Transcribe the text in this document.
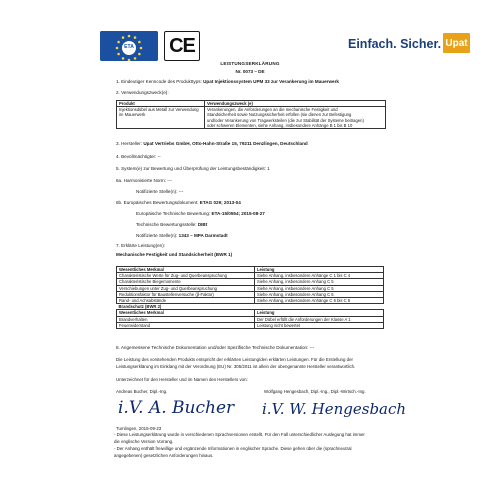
ETA CE	Einfach. Sicher. Upat
LEISTUNGSERKLÄRUNG
Nr. 0073 – DE
1. Eindeutiger Kenncode des Produkttyps: Upat Injektionssystem UPM 33 zur Verankerung im Mauerwerk
2. Verwendungszweck(e):
Produkt	Verwendungszweck (e)
Injektionsdübel aus Metall zur Verwendung im Mauerwerk	Verankerungen, die Anforderungen an die mechanische Festigkeit und
Standsicherheit sowie Nutzungssicherheit erfüllen (sie dienen zur Befestigung
und/oder Verankerung von Tragwerksteilen (die zur Stabilität der Systeme beitragen)
oder schweren Elementen, siehe Anhang, insbesondere Anhänge B 1 bis B 10
3. Hersteller: Upat Vertriebs GmbH, Otto-Hahn-Straße 15, 79211 Denzlingen, Deutschland
4. Bevollmächtigter: --
5. System(e) zur Bewertung und Überprüfung der Leistungsbeständigkeit: 1
6a. Harmonisierte Norm: ---
Notifizierte Stelle(n): ---
6b. Europäisches Bewertungsdokument: ETAG 029; 2013-04
Europäische Technische Bewertung: ETA-15/0554; 2015-08-27
Technische Bewertungsstelle: DIBt
Notifizierte Stelle(n): 1343 – MPA Darmstadt
7. Erklärte Leistung(en):
Mechanische Festigkeit und Standsicherheit (BWR 1)
Wesentliches Merkmal	Leistung
Charakteristische Werte für Zug- und Querbeanspruchung	Siehe Anhang, insbesondere Anhänge C 1 bis C 4
Charakteristische Biegemomente	Siehe Anhang, insbesondere Anhang C 5
Verschiebungen unter Zug- und Querbeanspruchung	Siehe Anhang, insbesondere Anhang C 5
Reduktionsfaktor für Baustellenversuche (β-Faktor)	Siehe Anhang, insbesondere Anhang C 5
Rand- und Achsabstände	Siehe Anhang, insbesondere Anhänge C 6 bis C 8
Brandschutz (BWR 2)	
Wesentliches Merkmal	Leistung
Brandverhalten	Der Dübel erfüllt die Anforderungen der Klasse A 1
Feuerwiderstand	Leistung nicht bewertet
8. Angemessene Technische Dokumentation und/oder Spezifische Technische Dokumentation: ---
Die Leistung des vorstehenden Produkts entspricht der erklärten Leistung/den erklärten Leistungen. Für die Erstellung der
Leistungserklärung im Einklang mit der Verordnung (EU) Nr. 305/2011 ist allein der obengenannte Hersteller verantwortlich.
Unterzeichnet für den Hersteller und im Namen des Herstellers von:
Andreas Bucher, Dipl.-Ing.	Wolfgang Hengesbach, Dipl.-Ing., Dipl.-Wirtsch.-Ing.
i.V. A. Bucher i.V. W. Hengesbach
Tumlingen, 2015-09-23
- Diese Leistungserklärung wurde in verschiedenen Sprachversionen erstellt. Für den Fall unterschiedlicher Auslegung hat immer
die englische Version Vorrang.
- Der Anhang enthält freiwillige und ergänzende Informationen in englischer Sprache. Diese gehen über die (sprachneutral
angegebenen) gesetzlichen Anforderungen hinaus.
